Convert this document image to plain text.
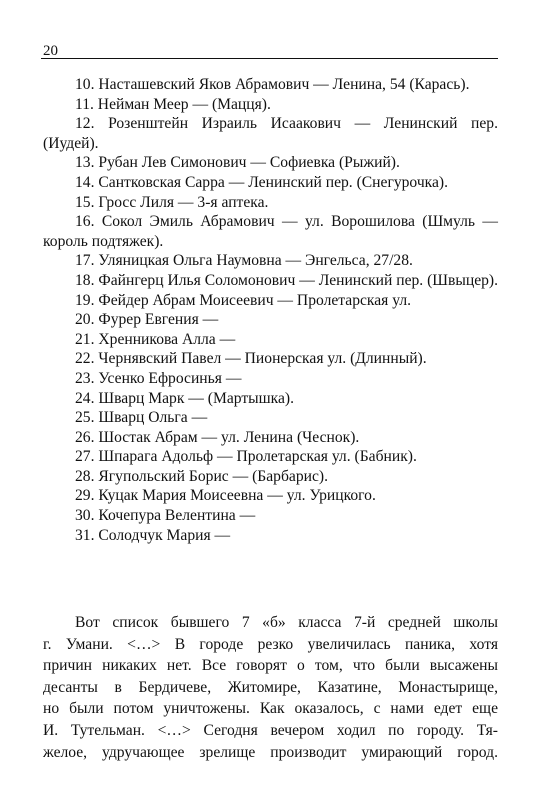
20
10. Насташевский Яков Абрамович — Ленина, 54 (Карась).
11. Нейман Меер — (Мацця).
12. Розенштейн Израиль Исаакович — Ленинский пер. (Иудей).
13. Рубан Лев Симонович — Софиевка (Рыжий).
14. Сантковская Сарра — Ленинский пер. (Снегурочка).
15. Гросс Лиля — 3-я аптека.
16. Сокол Эмиль Абрамович — ул. Ворошилова (Шмуль — король подтяжек).
17. Уляницкая Ольга Наумовна — Энгельса, 27/28.
18. Файнгерц Илья Соломонович — Ленинский пер. (Швыцер).
19. Фейдер Абрам Моисеевич — Пролетарская ул.
20. Фурер Евгения —
21. Хренникова Алла —
22. Чернявский Павел — Пионерская ул. (Длинный).
23. Усенко Ефросинья —
24. Шварц Марк — (Мартышка).
25. Шварц Ольга —
26. Шостак Абрам — ул. Ленина (Чеснок).
27. Шпарага Адольф — Пролетарская ул. (Бабник).
28. Ягупольский Борис — (Барбарис).
29. Куцак Мария Моисеевна — ул. Урицкого.
30. Кочепура Велентина —
31. Солодчук Мария —
Вот список бывшего 7 «б» класса 7-й средней школы
г. Умани. <…> В городе резко увеличилась паника, хотя
причин никаких нет. Все говорят о том, что были высажены
десанты в Бердичеве, Житомире, Казатине, Монастырище,
но были потом уничтожены. Как оказалось, с нами едет еще
И. Тутельман. <…> Сегодня вечером ходил по городу. Тя-
желое, удручающее зрелище производит умирающий город.
